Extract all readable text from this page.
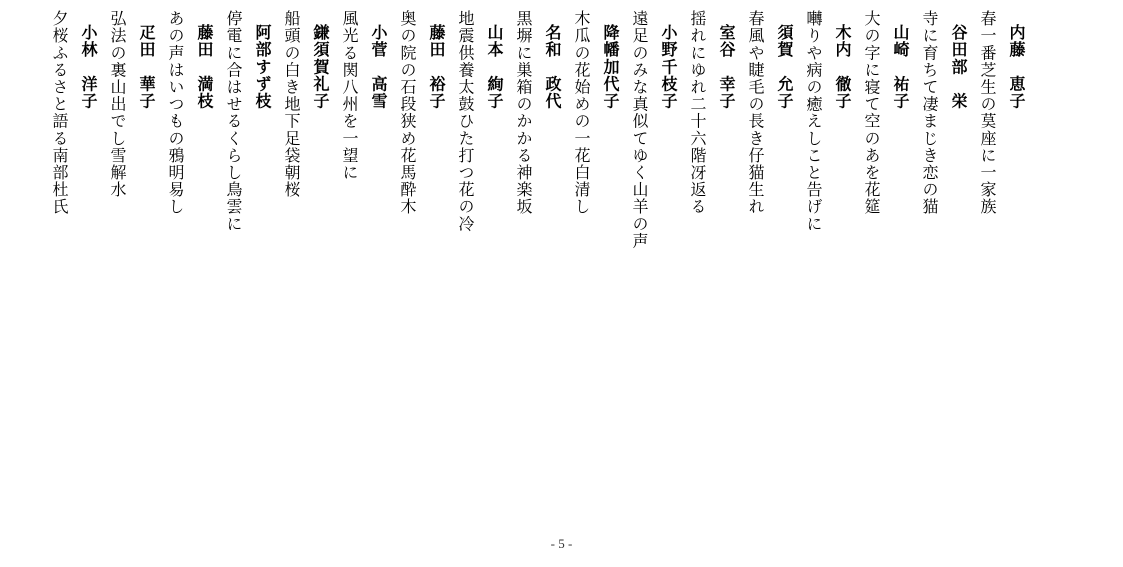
内藤　恵子
春一番芝生の茣座に一家族
谷田部　栄
寺に育ちて凄まじき恋の猫
山崎　祐子
大の字に寝て空のあを花筵
木内　徹子
囀りや病の癒えしこと告げに
須賀　允子
春風や睫毛の長き仔猫生れ
室谷　幸子
揺れにゆれ二十六階冴返る
小野千枝子
遠足のみな真似てゆく山羊の声
降幡加代子
木瓜の花始めの一花白清し
名和　政代
黒塀に巣箱のかかる神楽坂
山本　絢子
地震供養太鼓ひた打つ花の冷
藤田　裕子
奥の院の石段狭め花馬酔木
小菅　高雪
風光る関八州を一望に
鎌須賀礼子
船頭の白き地下足袋朝桜
阿部すず枝
停電に合はせるくらし鳥雲に
藤田　満枝
あの声はいつもの鴉明易し
疋田　華子
弘法の裏山出でし雪解水
小林　洋子
夕桜ふるさと語る南部杜氏
- 5 -
